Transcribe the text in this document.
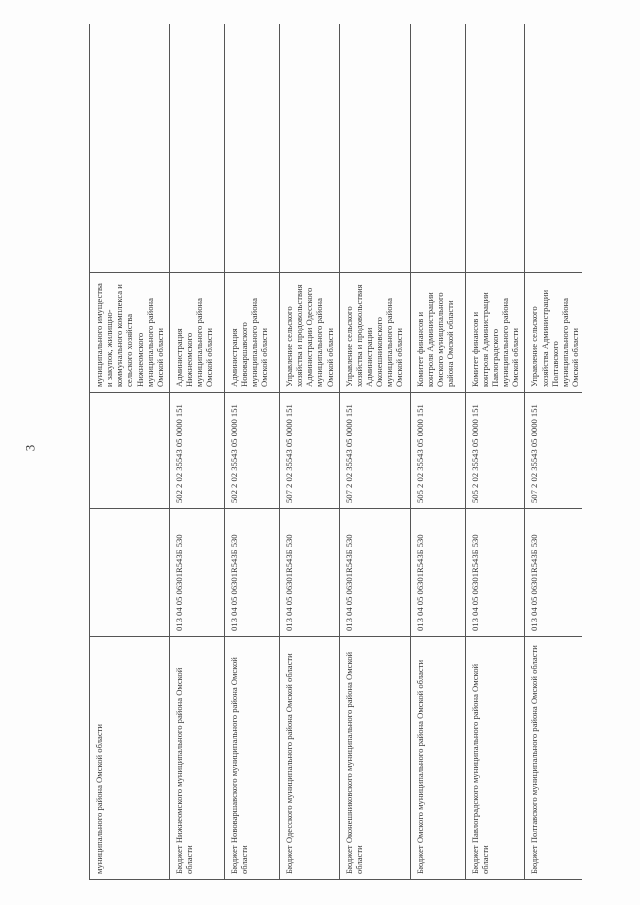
3
муниципального района Омской области			муниципального имущества и закупок, жилищно-коммунального комплекса и сельского хозяйства Нижнеомского муниципального района Омской области	
Бюджет Нижнеомского муниципального района Омской области	013 04 05 06301R543Б 530	502 2 02 35543 05 0000 151	Администрация Нижнеомского муниципального района Омской области	
Бюджет Нововаршавского муниципального района Омской области	013 04 05 06301R543Б 530	502 2 02 35543 05 0000 151	Администрация Нововаршавского муниципального района Омской области	
Бюджет Одесского муниципального района Омской области	013 04 05 06301R543Б 530	507 2 02 35543 05 0000 151	Управление сельского хозяйства и продовольствия Администрации Одесского муниципального района Омской области	
Бюджет Оконешниковского муниципального района Омской области	013 04 05 06301R543Б 530	507 2 02 35543 05 0000 151	Управление сельского хозяйства и продовольствия Администрации Оконешниковского муниципального района Омской области	
Бюджет Омского муниципального района Омской области	013 04 05 06301R543Б 530	505 2 02 35543 05 0000 151	Комитет финансов и контроля Администрации Омского муниципального района Омской области	
Бюджет Павлоградского муниципального района Омской области	013 04 05 06301R543Б 530	505 2 02 35543 05 0000 151	Комитет финансов и контроля Администрации Павлоградского муниципального района Омской области	
Бюджет Полтавского муниципального района Омской области	013 04 05 06301R543Б 530	507 2 02 35543 05 0000 151	Управление сельского хозяйства Администрации Полтавского муниципального района Омской области	
